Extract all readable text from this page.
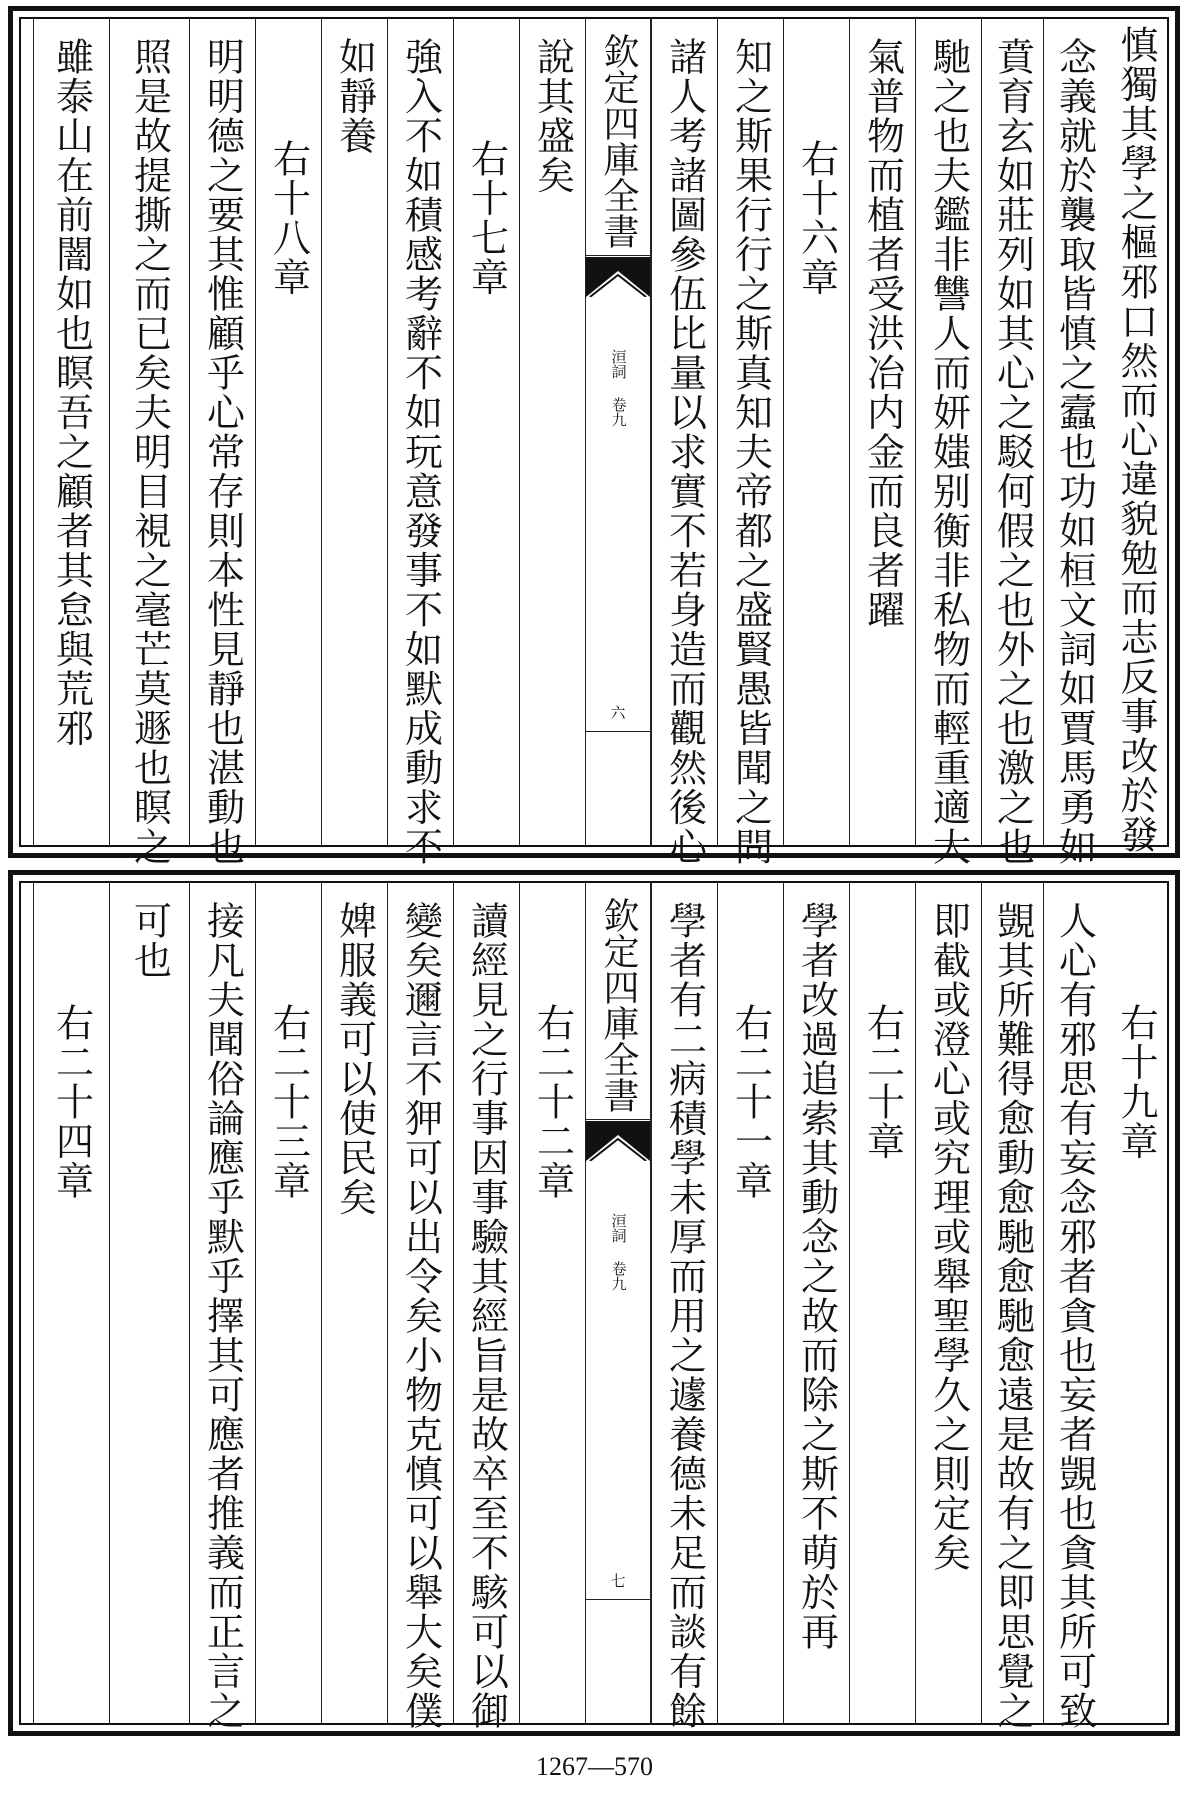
慎獨其學之樞邪口然而心違貌勉而志反事改於發
念義就於襲取皆慎之蠧也功如桓文詞如賈馬勇如
賁育玄如莊列如其心之駁何假之也外之也激之也
馳之也夫鑑非讐人而妍媸别衡非私物而輕重適大
氣普物而植者受洪冶内金而良者躍
右十六章
知之斯果行行之斯真知夫帝都之盛賢愚皆聞之問
諸人考諸圖參伍比量以求實不若身造而觀然後心
欽定四庫全書
洹詞 卷九
六
說其盛矣
右十七章
強入不如積感考辭不如玩意發事不如默成動求不
如靜養
右十八章
明明德之要其惟顧乎心常存則本性見靜也湛動也
照是故提撕之而已矣夫明目視之毫芒莫遯也瞑之
雖泰山在前闇如也瞑吾之顧者其怠與荒邪
右十九章
人心有邪思有妄念邪者貪也妄者覬也貪其所可致
覬其所難得愈動愈馳愈馳愈遠是故有之即思覺之
即截或澄心或究理或舉聖學久之則定矣
右二十章
學者改過追索其動念之故而除之斯不萌於再
右二十一章
學者有二病積學未厚而用之遽養德未足而談有餘
欽定四庫全書
洹詞 卷九
七
右二十二章
讀經見之行事因事驗其經旨是故卒至不駭可以御
變矣邇言不狎可以出令矣小物克慎可以舉大矣僕
婢服義可以使民矣
右二十三章
接凡夫聞俗論應乎默乎擇其可應者推義而正言之
可也
右二十四章
1267—570
